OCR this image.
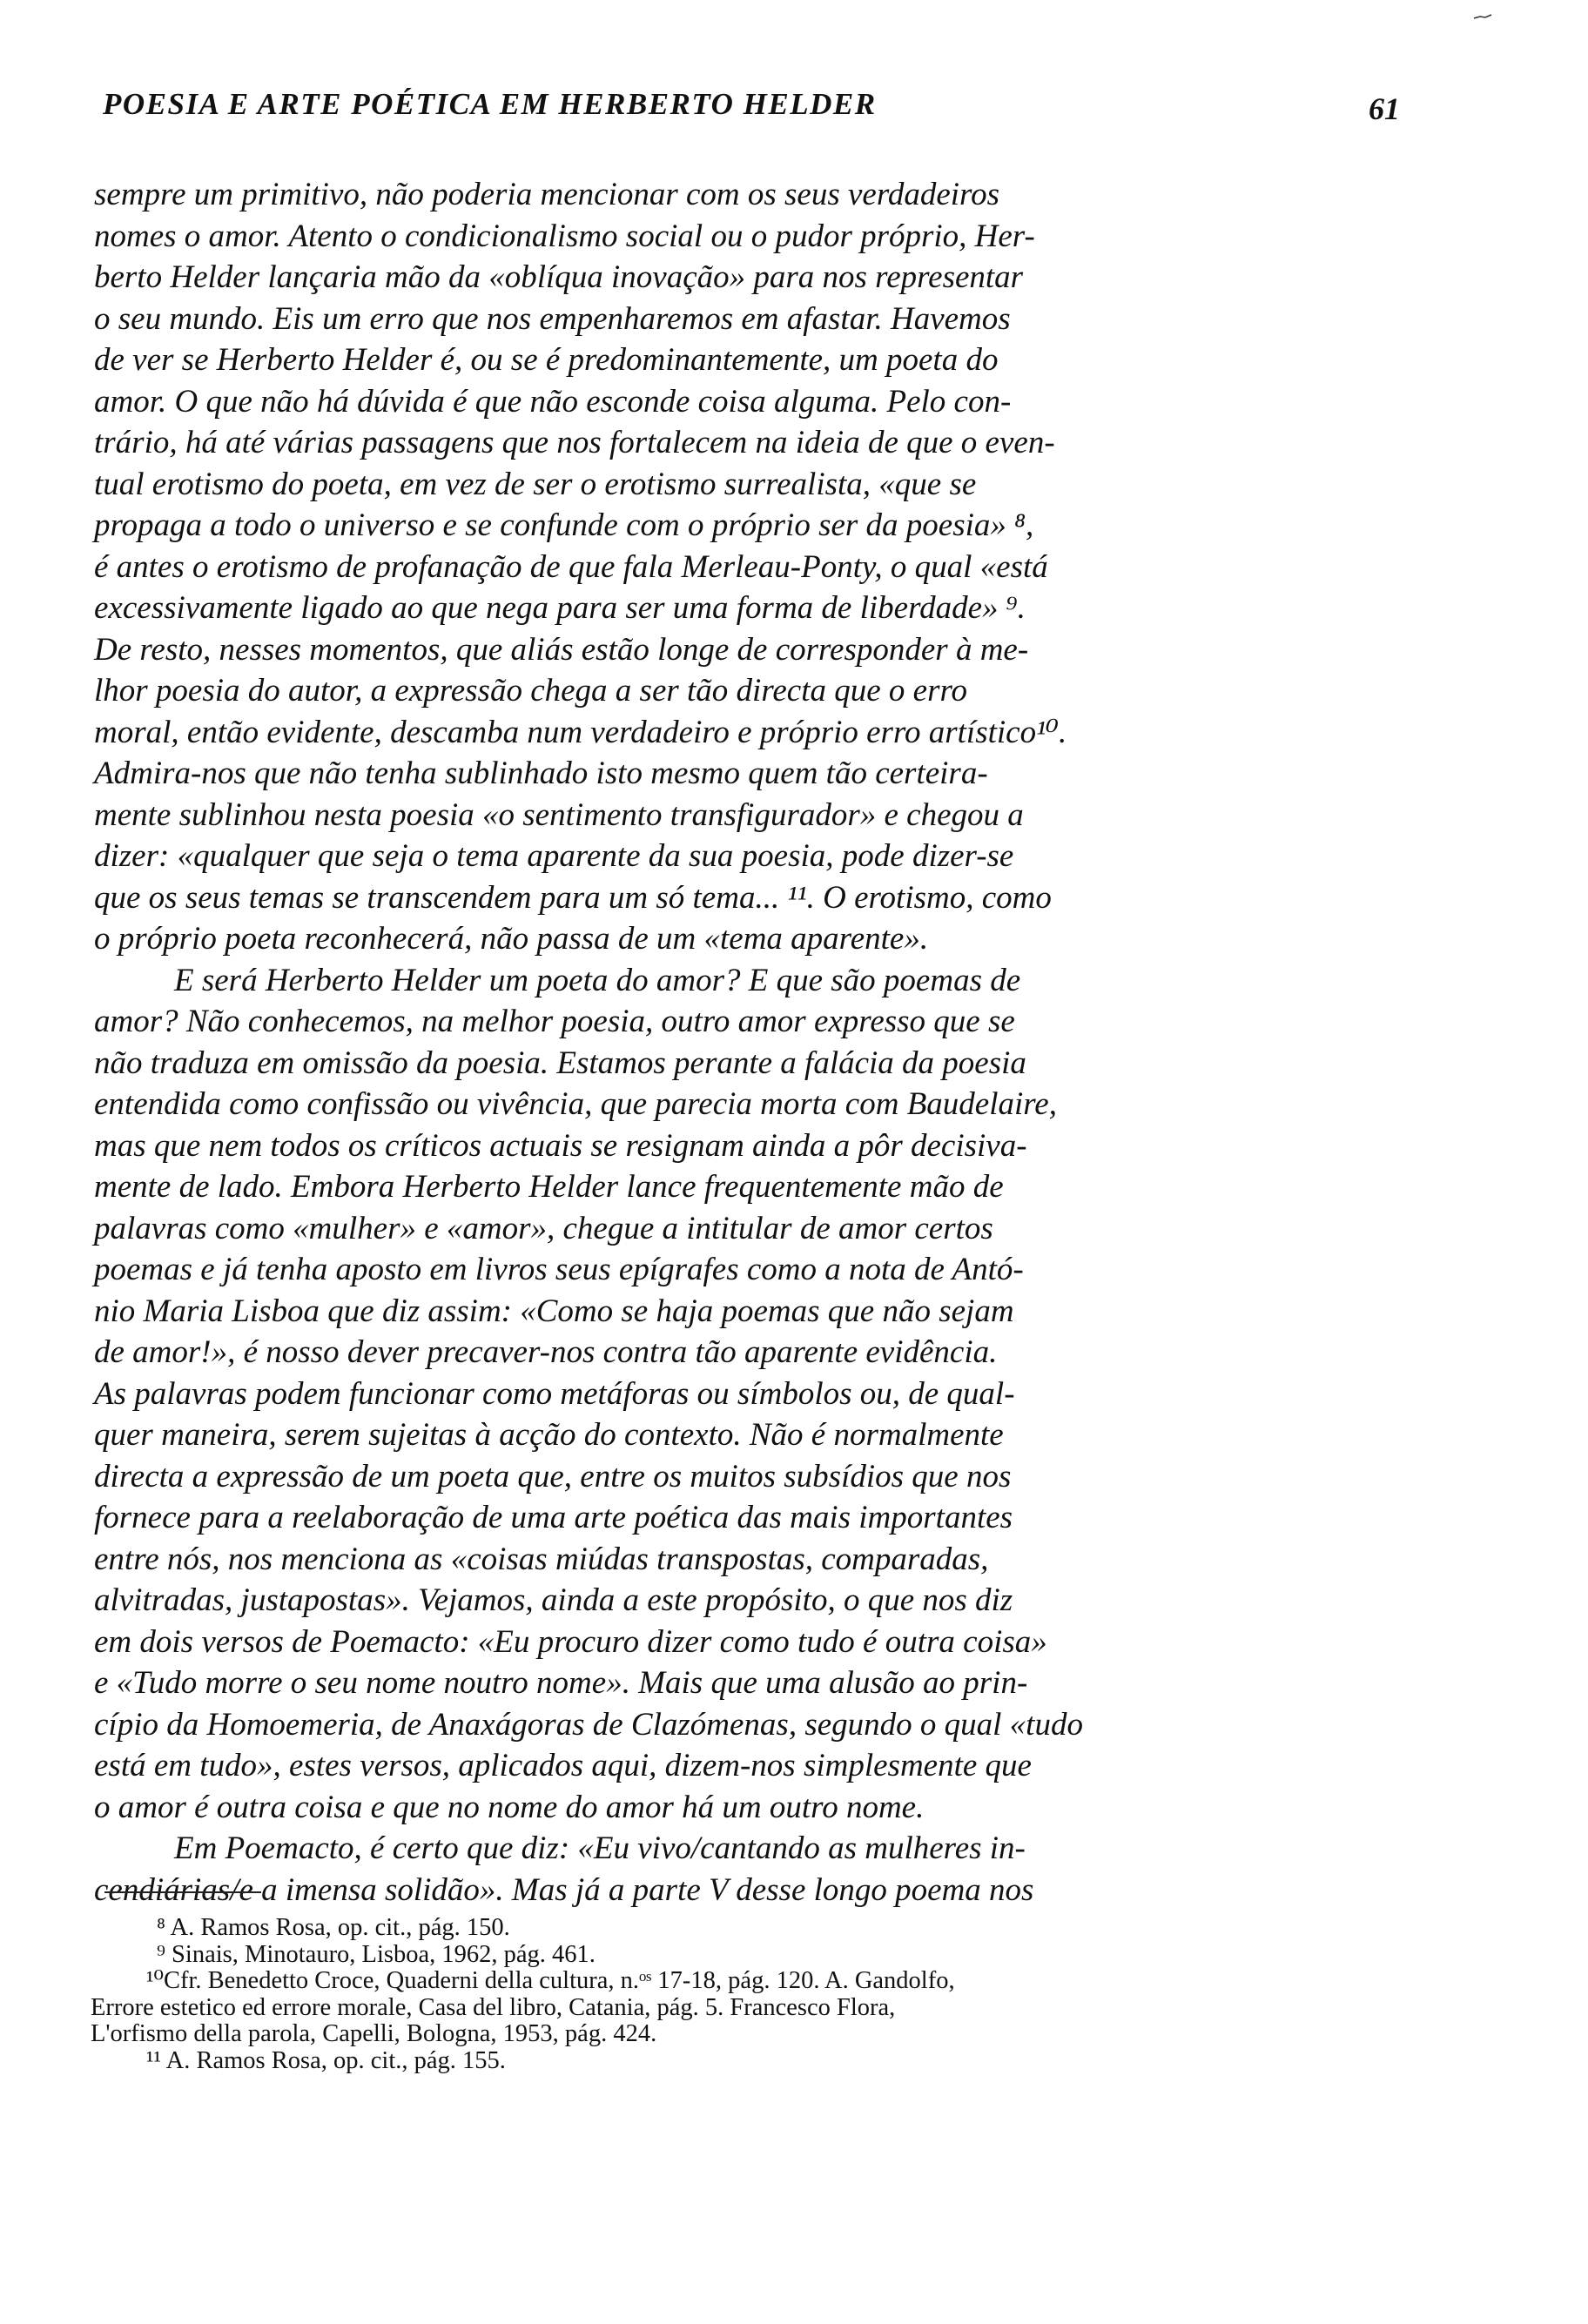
POESIA E ARTE POÉTICA EM HERBERTO HELDER	61
sempre um primitivo, não poderia mencionar com os seus verdadeiros
nomes o amor. Atento o condicionalismo social ou o pudor próprio, Her-
berto Helder lançaria mão da «oblíqua inovação» para nos representar
o seu mundo. Eis um erro que nos empenharemos em afastar. Havemos
de ver se Herberto Helder é, ou se é predominantemente, um poeta do
amor. O que não há dúvida é que não esconde coisa alguma. Pelo con-
trário, há até várias passagens que nos fortalecem na ideia de que o even-
tual erotismo do poeta, em vez de ser o erotismo surrealista, «que se
propaga a todo o universo e se confunde com o próprio ser da poesia» ⁸,
é antes o erotismo de profanação de que fala Merleau-Ponty, o qual «está
excessivamente ligado ao que nega para ser uma forma de liberdade» ⁹.
De resto, nesses momentos, que aliás estão longe de corresponder à me-
lhor poesia do autor, a expressão chega a ser tão directa que o erro
moral, então evidente, descamba num verdadeiro e próprio erro artístico¹⁰.
Admira-nos que não tenha sublinhado isto mesmo quem tão certeira-
mente sublinhou nesta poesia «o sentimento transfigurador» e chegou a
dizer: «qualquer que seja o tema aparente da sua poesia, pode dizer-se
que os seus temas se transcendem para um só tema... ¹¹. O erotismo, como
o próprio poeta reconhecerá, não passa de um «tema aparente».
E será Herberto Helder um poeta do amor? E que são poemas de
amor? Não conhecemos, na melhor poesia, outro amor expresso que se
não traduza em omissão da poesia. Estamos perante a falácia da poesia
entendida como confissão ou vivência, que parecia morta com Baudelaire,
mas que nem todos os críticos actuais se resignam ainda a pôr decisiva-
mente de lado. Embora Herberto Helder lance frequentemente mão de
palavras como «mulher» e «amor», chegue a intitular de amor certos
poemas e já tenha aposto em livros seus epígrafes como a nota de Antó-
nio Maria Lisboa que diz assim: «Como se haja poemas que não sejam
de amor!», é nosso dever precaver-nos contra tão aparente evidência.
As palavras podem funcionar como metáforas ou símbolos ou, de qual-
quer maneira, serem sujeitas à acção do contexto. Não é normalmente
directa a expressão de um poeta que, entre os muitos subsídios que nos
fornece para a reelaboração de uma arte poética das mais importantes
entre nós, nos menciona as «coisas miúdas transpostas, comparadas,
alvitradas, justapostas». Vejamos, ainda a este propósito, o que nos diz
em dois versos de Poemacto: «Eu procuro dizer como tudo é outra coisa»
e «Tudo morre o seu nome noutro nome». Mais que uma alusão ao prin-
cípio da Homoemeria, de Anaxágoras de Clazómenas, segundo o qual «tudo
está em tudo», estes versos, aplicados aqui, dizem-nos simplesmente que
o amor é outra coisa e que no nome do amor há um outro nome.
Em Poemacto, é certo que diz: «Eu vivo/cantando as mulheres in-
cendiárias/e a imensa solidão». Mas já a parte V desse longo poema nos
⁸ A. Ramos Rosa, op. cit., pág. 150.
⁹ Sinais, Minotauro, Lisboa, 1962, pág. 461.
¹⁰Cfr. Benedetto Croce, Quaderni della cultura, n.ᵒˢ 17-18, pág. 120. A. Gandolfo,
Errore estetico ed errore morale, Casa del libro, Catania, pág. 5. Francesco Flora,
L'orfismo della parola, Capelli, Bologna, 1953, pág. 424.
¹¹ A. Ramos Rosa, op. cit., pág. 155.
